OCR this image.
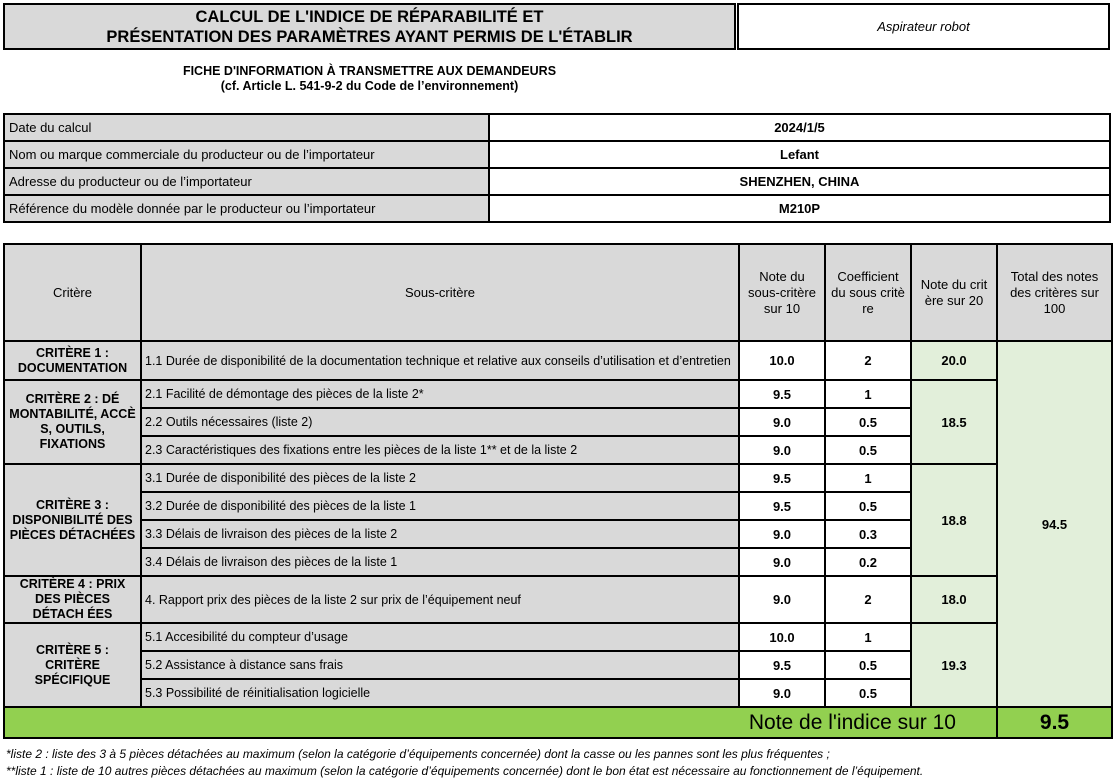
CALCUL DE L'INDICE DE RÉPARABILITÉ ET
PRÉSENTATION DES PARAMÈTRES AYANT PERMIS DE L'ÉTABLIR
Aspirateur robot
FICHE D'INFORMATION À TRANSMETTRE AUX DEMANDEURS
(cf. Article L. 541-9-2 du Code de l’environnement)
Date du calcul	2024/1/5
Nom ou marque commerciale du producteur ou de l’importateur	Lefant
Adresse du producteur ou de l’importateur	SHENZHEN, CHINA
Référence du modèle donnée par le producteur ou l’importateur	M210P
Critère	Sous-critère	Note du sous-critère sur 10	Coefficient du sous critè re	Note du crit ère sur 20	Total des notes des critères sur 100
CRITÈRE 1 : DOCUMENTATION	1.1 Durée de disponibilité de la documentation technique et relative aux conseils d’utilisation et d’entretien	10.0	2	20.0	94.5
CRITÈRE 2 : DÉ MONTABILITÉ, ACCÈ S, OUTILS, FIXATIONS	2.1 Facilité de démontage des pièces de la liste 2*	9.5	1	18.5	
	2.2 Outils nécessaires (liste 2)	9.0	0.5		
	2.3 Caractéristiques des fixations entre les pièces de la liste 1** et de la liste 2	9.0	0.5		
CRITÈRE 3 : DISPONIBILITÉ DES PIÈCES DÉTACHÉES	3.1 Durée de disponibilité des pièces de la liste 2	9.5	1	18.8	
	3.2 Durée de disponibilité des pièces de la liste 1	9.5	0.5		
	3.3 Délais de livraison des pièces de la liste 2	9.0	0.3		
	3.4 Délais de livraison des pièces de la liste 1	9.0	0.2		
CRITÈRE 4 : PRIX DES PIÈCES DÉTACH ÉES	4. Rapport prix des pièces de la liste 2 sur prix de l’équipement neuf	9.0	2	18.0	
CRITÈRE 5 : CRITÈRE SPÉCIFIQUE	5.1 Accesibilité du compteur d’usage	10.0	1	19.3	
	5.2 Assistance à distance sans frais	9.5	0.5		
	5.3 Possibilité de réinitialisation logicielle	9.0	0.5		
Note de l'indice sur 10					9.5
*liste 2 : liste des 3 à 5 pièces détachées au maximum (selon la catégorie d’équipements concernée) dont la casse ou les pannes sont les plus fréquentes ;
**liste 1 : liste de 10 autres pièces détachées au maximum (selon la catégorie d’équipements concernée) dont le bon état est nécessaire au fonctionnement de l’équipement.
